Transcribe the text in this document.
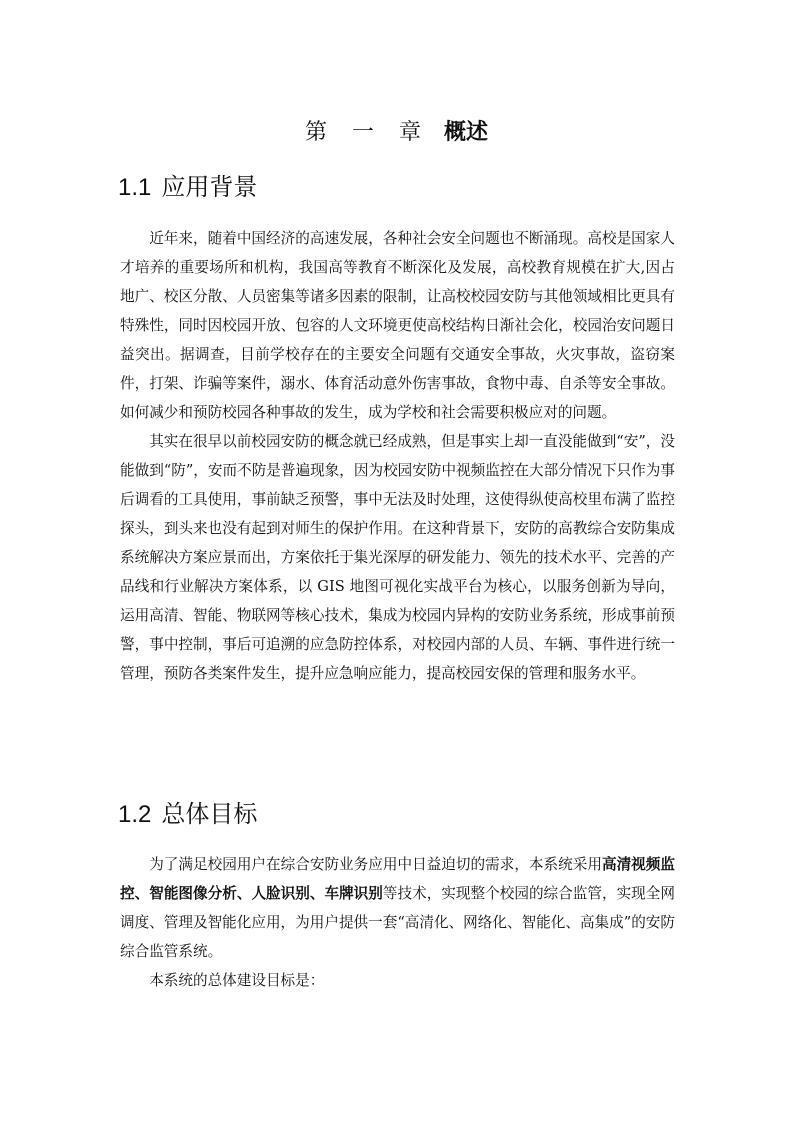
第 一 章 概述
1.1 应用背景

近年来，随着中国经济的高速发展，各种社会安全问题也不断涌现。高校是国家人才培养的重要场所和机构，我国高等教育不断深化及发展，高校教育规模在扩大,因占地广、校区分散、人员密集等诸多因素的限制，让高校校园安防与其他领域相比更具有特殊性，同时因校园开放、包容的人文环境更使高校结构日渐社会化，校园治安问题日益突出。据调查，目前学校存在的主要安全问题有交通安全事故，火灾事故，盗窃案件，打架、诈骗等案件，溺水、体育活动意外伤害事故，食物中毒、自杀等安全事故。如何减少和预防校园各种事故的发生，成为学校和社会需要积极应对的问题。

其实在很早以前校园安防的概念就已经成熟，但是事实上却一直没能做到“安”，没能做到“防”，安而不防是普遍现象，因为校园安防中视频监控在大部分情况下只作为事后调看的工具使用，事前缺乏预警，事中无法及时处理，这使得纵使高校里布满了监控探头，到头来也没有起到对师生的保护作用。在这种背景下，安防的高教综合安防集成系统解决方案应景而出，方案依托于集光深厚的研发能力、领先的技术水平、完善的产品线和行业解决方案体系，以 GIS 地图可视化实战平台为核心，以服务创新为导向，运用高清、智能、物联网等核心技术，集成为校园内异构的安防业务系统，形成事前预警，事中控制，事后可追溯的应急防控体系，对校园内部的人员、车辆、事件进行统一管理，预防各类案件发生，提升应急响应能力，提高校园安保的管理和服务水平。

1.2 总体目标

为了满足校园用户在综合安防业务应用中日益迫切的需求，本系统采用高清视频监控、智能图像分析、人脸识别、车牌识别等技术，实现整个校园的综合监管，实现全网调度、管理及智能化应用，为用户提供一套“高清化、网络化、智能化、高集成”的安防综合监管系统。

本系统的总体建设目标是：
